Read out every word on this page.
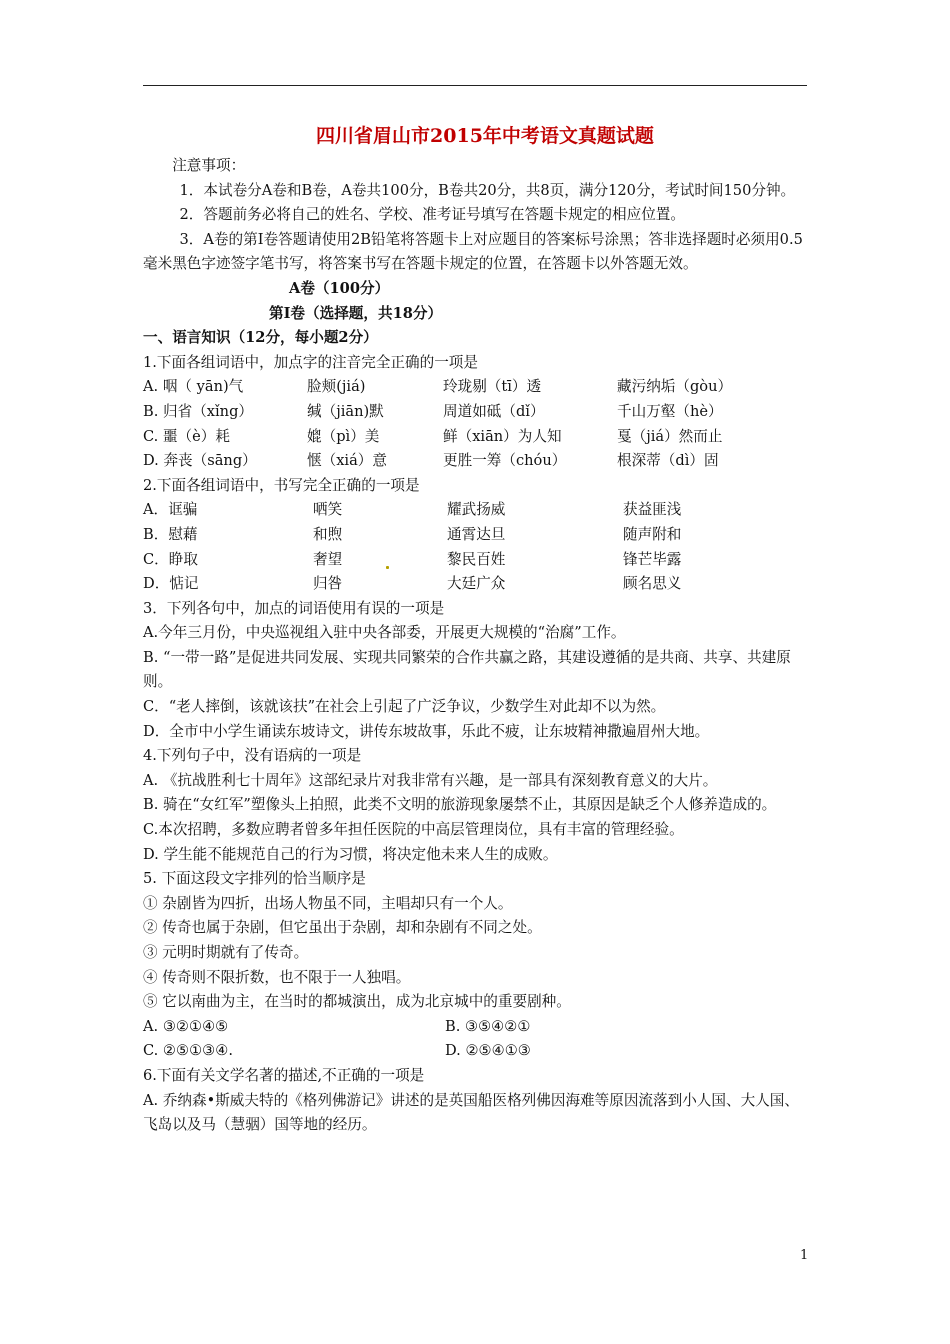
四川省眉山市2015年中考语文真题试题

注意事项：

1．本试卷分A卷和B卷，A卷共100分，B卷共20分，共8页，满分120分，考试时间150分钟。

2．答题前务必将自己的姓名、学校、准考证号填写在答题卡规定的相应位置。

3．A卷的第Ⅰ卷答题请使用2B铅笔将答题卡上对应题目的答案标号涂黑；答非选择题时必须用0.5毫米黑色字迹签字笔书写，将答案书写在答题卡规定的位置，在答题卡以外答题无效。

A卷（100分）

第Ⅰ卷（选择题，共18分）

一、语言知识（12分，每小题2分）

1.下面各组词语中，加点字的注音完全正确的一项是

A. 咽（ yān)气	脸颊(jiá)	玲珑剔（tī）透	藏污纳垢（gòu）
B. 归省（xǐng）	缄（jiān)默	周道如砥（dǐ）	千山万壑（hè）
C. 噩（è）耗	媲（pì）美	鲜（xiān）为人知	戛（jiá）然而止
D. 奔丧（sāng）	惬（xiá）意	更胜一筹（chóu）	根深蒂（dì）固

2.下面各组词语中，书写完全正确的一项是

A．诓骗	哂笑	耀武扬威	获益匪浅
B．慰藉	和煦	通霄达旦	随声附和
C．睁取	奢望	黎民百姓	锋芒毕露
D．惦记	归咎	大廷广众	顾名思义

3．下列各句中，加点的词语使用有误的一项是

A.今年三月份，中央巡视组入驻中央各部委，开展更大规模的“治腐”工作。

B. “一带一路”是促进共同发展、实现共同繁荣的合作共赢之路，其建设遵循的是共商、共享、共建原则。

C．“老人摔倒，该就该扶”在社会上引起了广泛争议，少数学生对此却不以为然。

D．全市中小学生诵读东坡诗文，讲传东坡故事，乐此不疲，让东坡精神撒遍眉州大地。

4.下列句子中，没有语病的一项是

A. 《抗战胜利七十周年》这部纪录片对我非常有兴趣，是一部具有深刻教育意义的大片。

B. 骑在“女红军”塑像头上拍照，此类不文明的旅游现象屡禁不止，其原因是缺乏个人修养造成的。

C.本次招聘，多数应聘者曾多年担任医院的中高层管理岗位，具有丰富的管理经验。

D. 学生能不能规范自己的行为习惯，将决定他未来人生的成败。

5. 下面这段文字排列的恰当顺序是

① 杂剧皆为四折，出场人物虽不同，主唱却只有一个人。

② 传奇也属于杂剧，但它虽出于杂剧，却和杂剧有不同之处。

③ 元明时期就有了传奇。

④ 传奇则不限折数，也不限于一人独唱。

⑤ 它以南曲为主，在当时的都城演出，成为北京城中的重要剧种。

A. ③②①④⑤	B. ③⑤④②①
C. ②⑤①③④.	D. ②⑤④①③

6.下面有关文学名著的描述,不正确的一项是

A. 乔纳森•斯威夫特的《格列佛游记》讲述的是英国船医格列佛因海难等原因流落到小人国、大人国、飞岛以及马（慧骃）国等地的经历。

1
